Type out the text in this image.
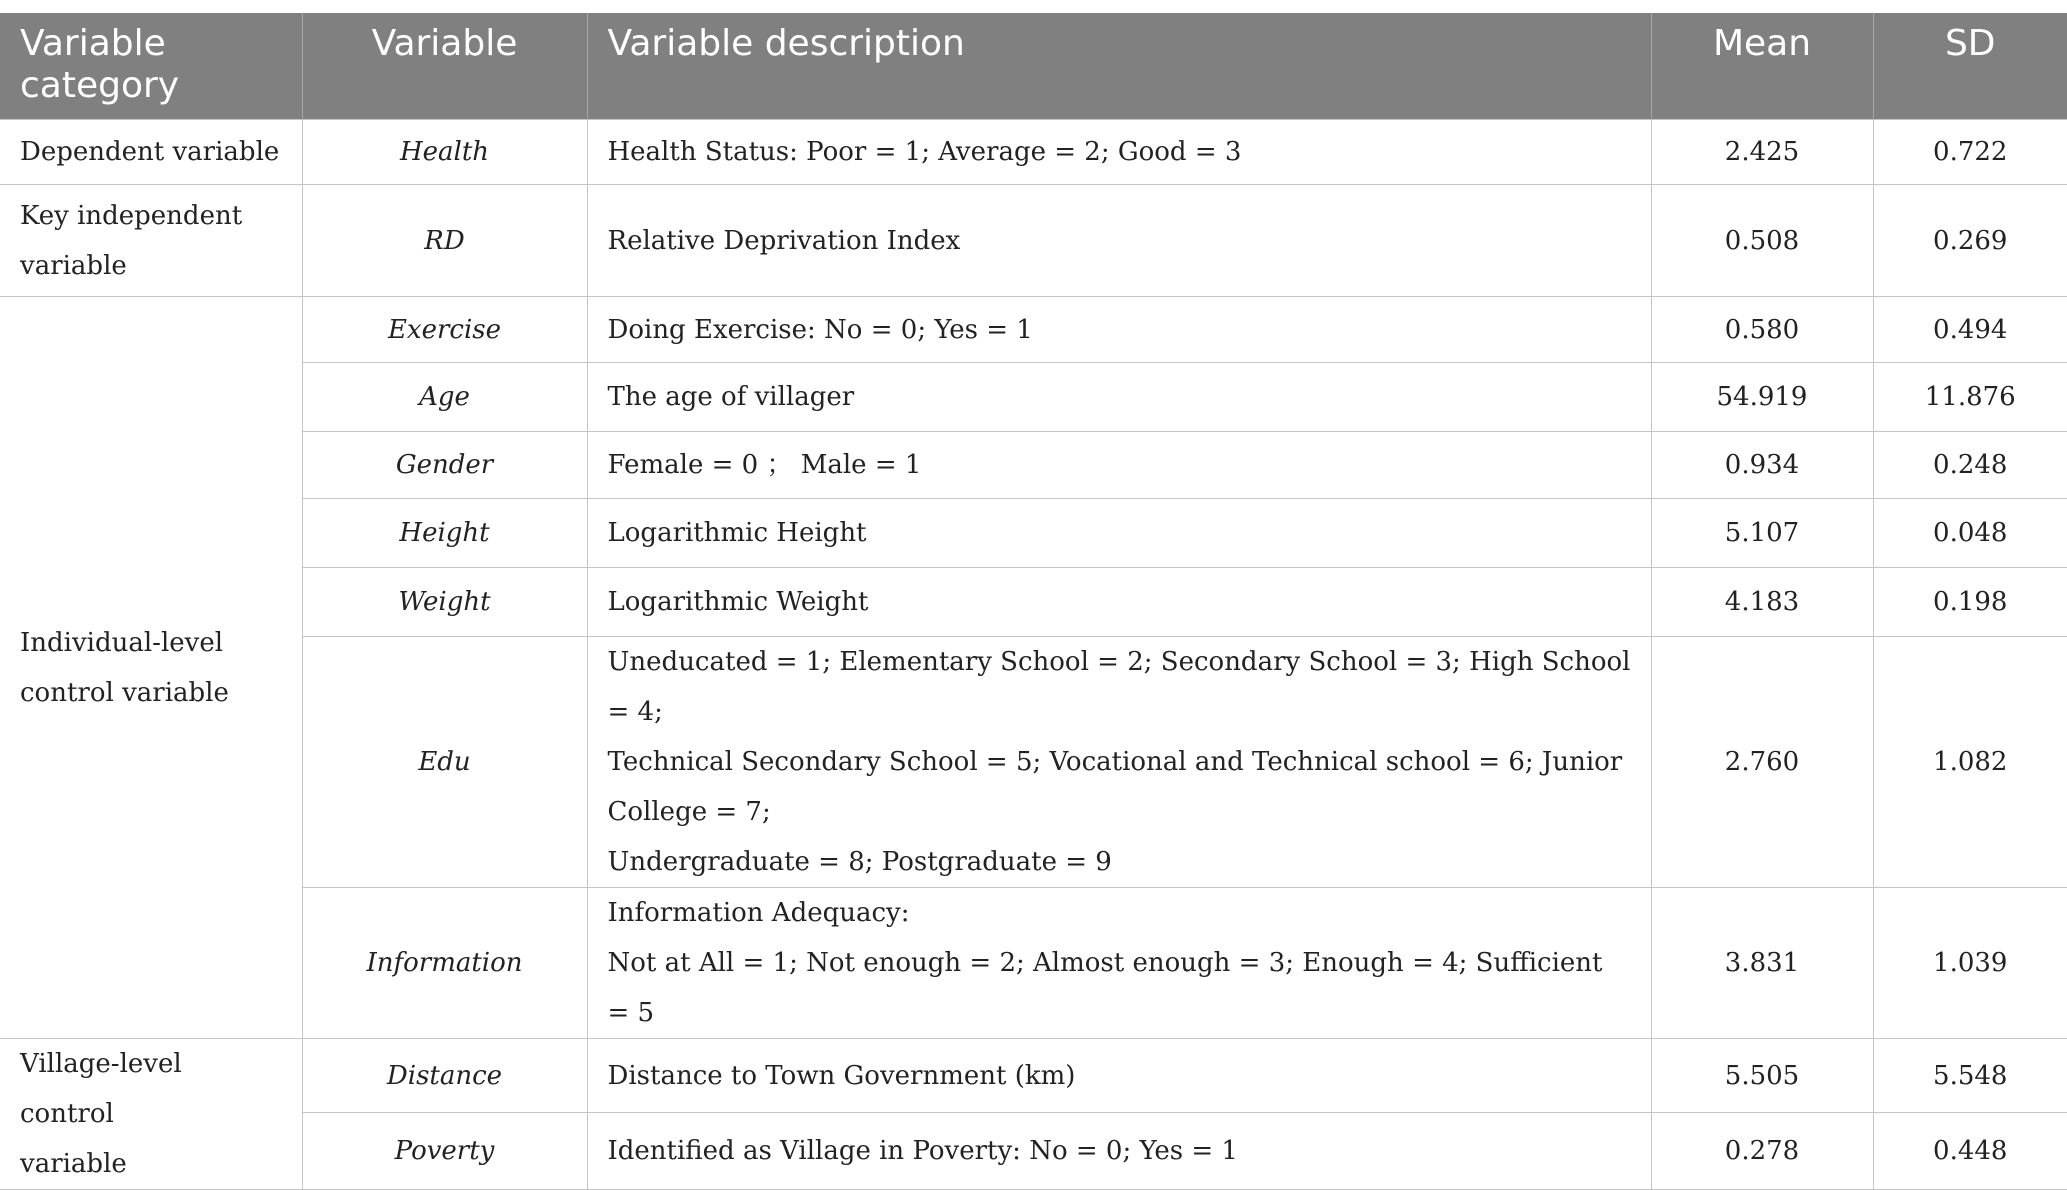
Variable
category	Variable	Variable description	Mean	SD

Dependent variable	Health	Health Status: Poor = 1; Average = 2; Good = 3	2.425	0.722

Key independent
variable	RD	Relative Deprivation Index	0.508	0.269

Individual-level
control variable	Exercise	Doing Exercise: No = 0; Yes = 1	0.580	0.494
	Age	The age of villager	54.919	11.876
	Gender	Female = 0 ； Male = 1	0.934	0.248
	Height	Logarithmic Height	5.107	0.048
	Weight	Logarithmic Weight	4.183	0.198
	Edu	Uneducated = 1; Elementary School = 2; Secondary School = 3; High School = 4;
Technical Secondary School = 5; Vocational and Technical school = 6; Junior College = 7;
Undergraduate = 8; Postgraduate = 9	2.760	1.082
	Information	Information Adequacy:
Not at All = 1; Not enough = 2; Almost enough = 3; Enough = 4; Sufficient = 5	3.831	1.039

Village-level control
variable	Distance	Distance to Town Government (km)	5.505	5.548
	Poverty	Identified as Village in Poverty: No = 0; Yes = 1	0.278	0.448
